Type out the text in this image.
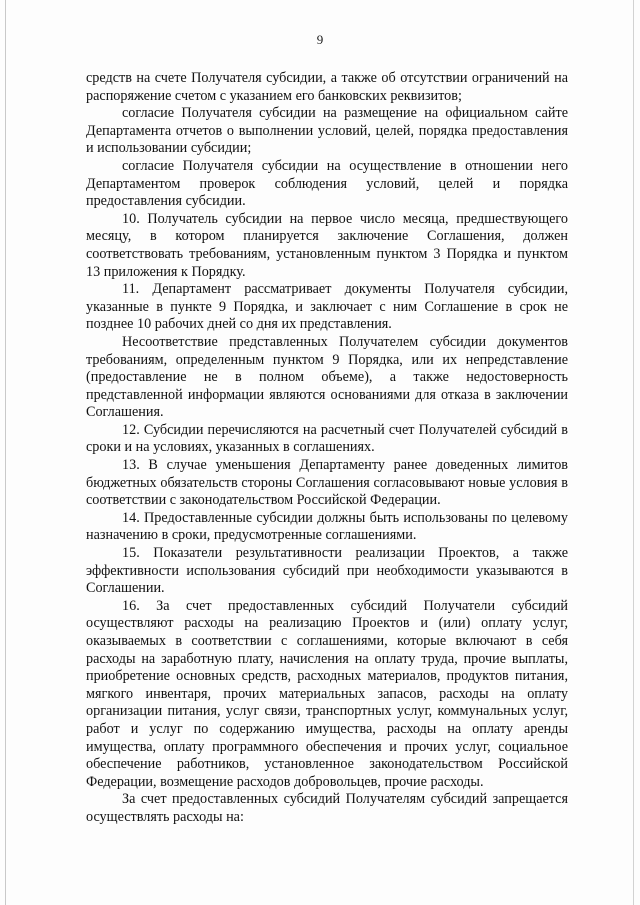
9

средств на счете Получателя субсидии, а также об отсутствии ограничений на распоряжение счетом с указанием его банковских реквизитов;

согласие Получателя субсидии на размещение на официальном сайте Департамента отчетов о выполнении условий, целей, порядка предоставления и использовании субсидии;

согласие Получателя субсидии на осуществление в отношении него Департаментом проверок соблюдения условий, целей и порядка предоставления субсидии.

10. Получатель субсидии на первое число месяца, предшествующего месяцу, в котором планируется заключение Соглашения, должен соответствовать требованиям, установленным пунктом 3 Порядка и пунктом 13 приложения к Порядку.

11. Департамент рассматривает документы Получателя субсидии, указанные в пункте 9 Порядка, и заключает с ним Соглашение в срок не позднее 10 рабочих дней со дня их представления.

Несоответствие представленных Получателем субсидии документов требованиям, определенным пунктом 9 Порядка, или их непредставление (предоставление не в полном объеме), а также недостоверность представленной информации являются основаниями для отказа в заключении Соглашения.

12. Субсидии перечисляются на расчетный счет Получателей субсидий в сроки и на условиях, указанных в соглашениях.

13. В случае уменьшения Департаменту ранее доведенных лимитов бюджетных обязательств стороны Соглашения согласовывают новые условия в соответствии с законодательством Российской Федерации.

14. Предоставленные субсидии должны быть использованы по целевому назначению в сроки, предусмотренные соглашениями.

15. Показатели результативности реализации Проектов, а также эффективности использования субсидий при необходимости указываются в Соглашении.

16. За счет предоставленных субсидий Получатели субсидий осуществляют расходы на реализацию Проектов и (или) оплату услуг, оказываемых в соответствии с соглашениями, которые включают в себя расходы на заработную плату, начисления на оплату труда, прочие выплаты, приобретение основных средств, расходных материалов, продуктов питания, мягкого инвентаря, прочих материальных запасов, расходы на оплату организации питания, услуг связи, транспортных услуг, коммунальных услуг, работ и услуг по содержанию имущества, расходы на оплату аренды имущества, оплату программного обеспечения и прочих услуг, социальное обеспечение работников, установленное законодательством Российской Федерации, возмещение расходов добровольцев, прочие расходы.

За счет предоставленных субсидий Получателям субсидий запрещается осуществлять расходы на:
